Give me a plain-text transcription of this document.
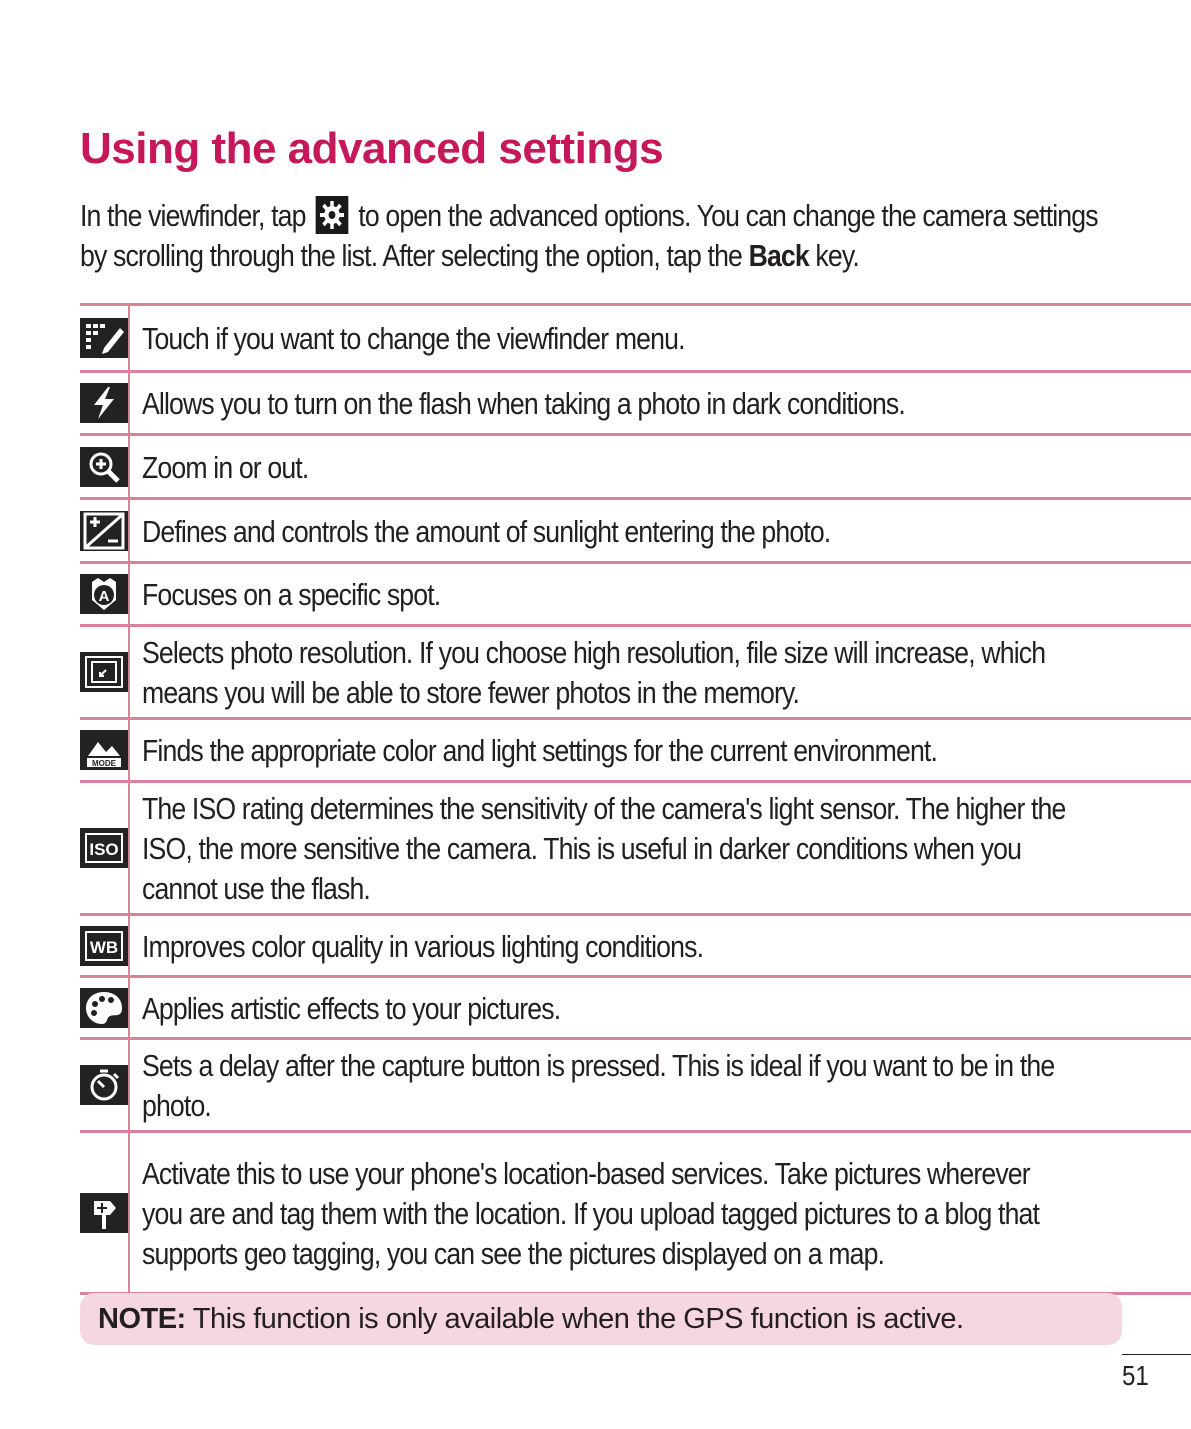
Using the advanced settings
In the viewfinder, tap to open the advanced options. You can change the camera settings by scrolling through the list. After selecting the option, tap the Back key.
	Touch if you want to change the viewfinder menu.

	Allows you to turn on the flash when taking a photo in dark conditions.

	Zoom in or out.

	Defines and controls the amount of sunlight entering the photo.

A	Focuses on a specific spot.

	Selects photo resolution. If you choose high resolution, file size will increase, which means you will be able to store fewer photos in the memory.

MODE	Finds the appropriate color and light settings for the current environment.

ISO	The ISO rating determines the sensitivity of the camera's light sensor. The higher the ISO, the more sensitive the camera. This is useful in darker conditions when you cannot use the flash.

WB	Improves color quality in various lighting conditions.

	Applies artistic effects to your pictures.

	Sets a delay after the capture button is pressed. This is ideal if you want to be in the photo.

	Activate this to use your phone's location-based services. Take pictures wherever you are and tag them with the location. If you upload tagged pictures to a blog that supports geo tagging, you can see the pictures displayed on a map.
NOTE: This function is only available when the GPS function is active.
51
